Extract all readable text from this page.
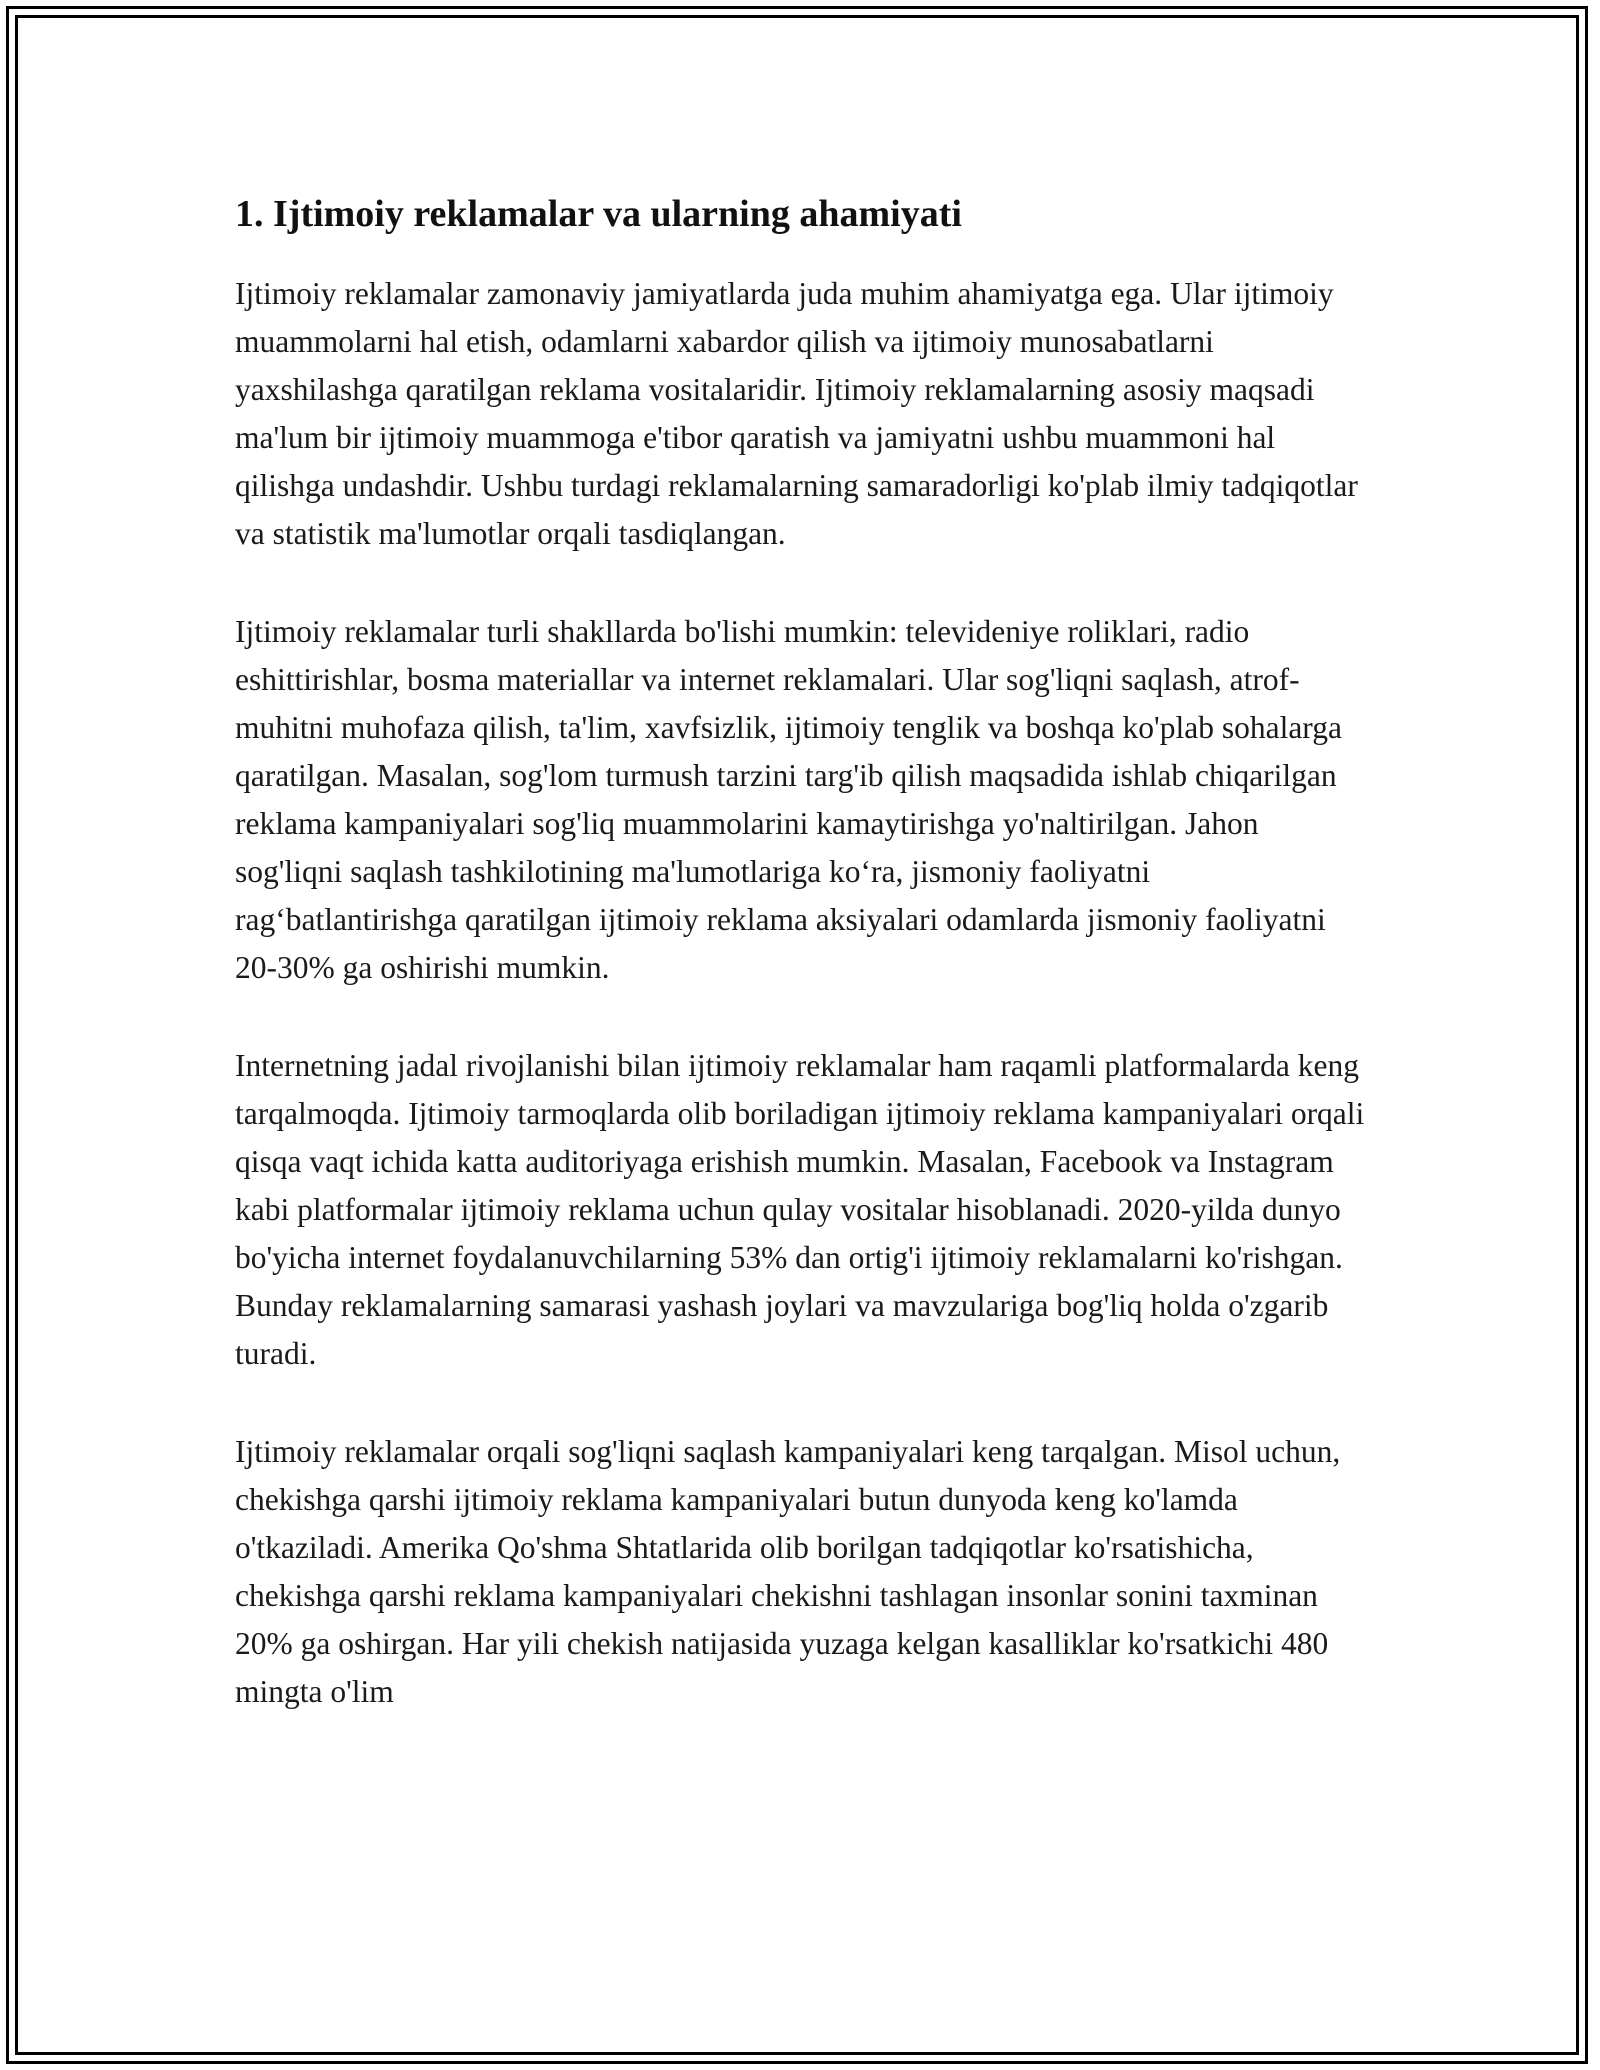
1. Ijtimoiy reklamalar va ularning ahamiyati

Ijtimoiy reklamalar zamonaviy jamiyatlarda juda muhim ahamiyatga ega. Ular ijtimoiy muammolarni hal etish, odamlarni xabardor qilish va ijtimoiy munosabatlarni yaxshilashga qaratilgan reklama vositalaridir. Ijtimoiy reklamalarning asosiy maqsadi ma'lum bir ijtimoiy muammoga e'tibor qaratish va jamiyatni ushbu muammoni hal qilishga undashdir. Ushbu turdagi reklamalarning samaradorligi ko'plab ilmiy tadqiqotlar va statistik ma'lumotlar orqali tasdiqlangan.

Ijtimoiy reklamalar turli shakllarda bo'lishi mumkin: televideniye roliklari, radio eshittirishlar, bosma materiallar va internet reklamalari. Ular sog'liqni saqlash, atrof-muhitni muhofaza qilish, ta'lim, xavfsizlik, ijtimoiy tenglik va boshqa ko'plab sohalarga qaratilgan. Masalan, sog'lom turmush tarzini targ'ib qilish maqsadida ishlab chiqarilgan reklama kampaniyalari sog'liq muammolarini kamaytirishga yo'naltirilgan. Jahon sog'liqni saqlash tashkilotining ma'lumotlariga ko‘ra, jismoniy faoliyatni rag‘batlantirishga qaratilgan ijtimoiy reklama aksiyalari odamlarda jismoniy faoliyatni 20-30% ga oshirishi mumkin.

Internetning jadal rivojlanishi bilan ijtimoiy reklamalar ham raqamli platformalarda keng tarqalmoqda. Ijtimoiy tarmoqlarda olib boriladigan ijtimoiy reklama kampaniyalari orqali qisqa vaqt ichida katta auditoriyaga erishish mumkin. Masalan, Facebook va Instagram kabi platformalar ijtimoiy reklama uchun qulay vositalar hisoblanadi. 2020-yilda dunyo bo'yicha internet foydalanuvchilarning 53% dan ortig'i ijtimoiy reklamalarni ko'rishgan. Bunday reklamalarning samarasi yashash joylari va mavzulariga bog'liq holda o'zgarib turadi.

Ijtimoiy reklamalar orqali sog'liqni saqlash kampaniyalari keng tarqalgan. Misol uchun, chekishga qarshi ijtimoiy reklama kampaniyalari butun dunyoda keng ko'lamda o'tkaziladi. Amerika Qo'shma Shtatlarida olib borilgan tadqiqotlar ko'rsatishicha, chekishga qarshi reklama kampaniyalari chekishni tashlagan insonlar sonini taxminan 20% ga oshirgan. Har yili chekish natijasida yuzaga kelgan kasalliklar ko'rsatkichi 480 mingta o'lim
